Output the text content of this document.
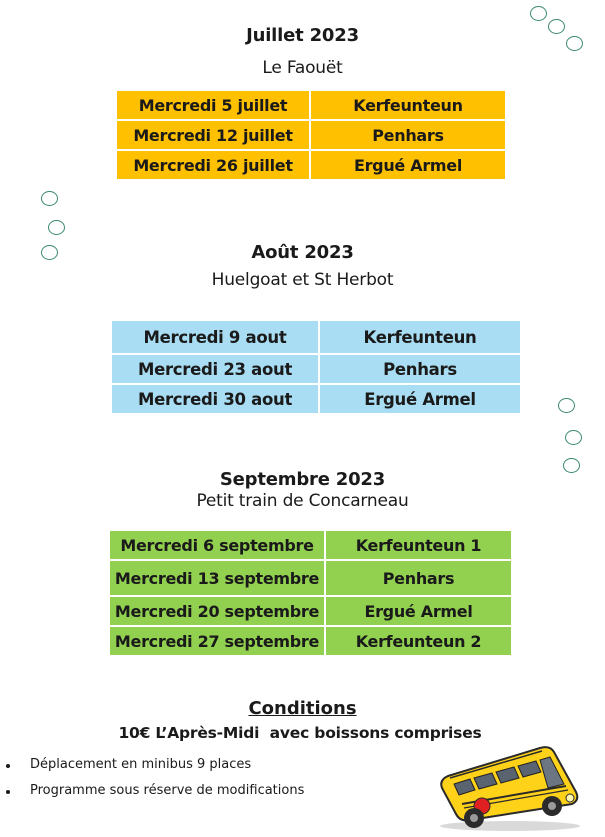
Juillet 2023
Le Faouët
Mercredi 5 juillet	Kerfeunteun
Mercredi 12 juillet	Penhars
Mercredi 26 juillet	Ergué Armel
Août 2023
Huelgoat et St Herbot
Mercredi 9 aout	Kerfeunteun
Mercredi 23 aout	Penhars
Mercredi 30 aout	Ergué Armel
Septembre 2023
Petit train de Concarneau
Mercredi 6 septembre	Kerfeunteun 1
Mercredi 13 septembre	Penhars
Mercredi 20 septembre	Ergué Armel
Mercredi 27 septembre	Kerfeunteun 2
Conditions
10€ L’Après-Midi  avec boissons comprises
Déplacement en minibus 9 places
Programme sous réserve de modifications
